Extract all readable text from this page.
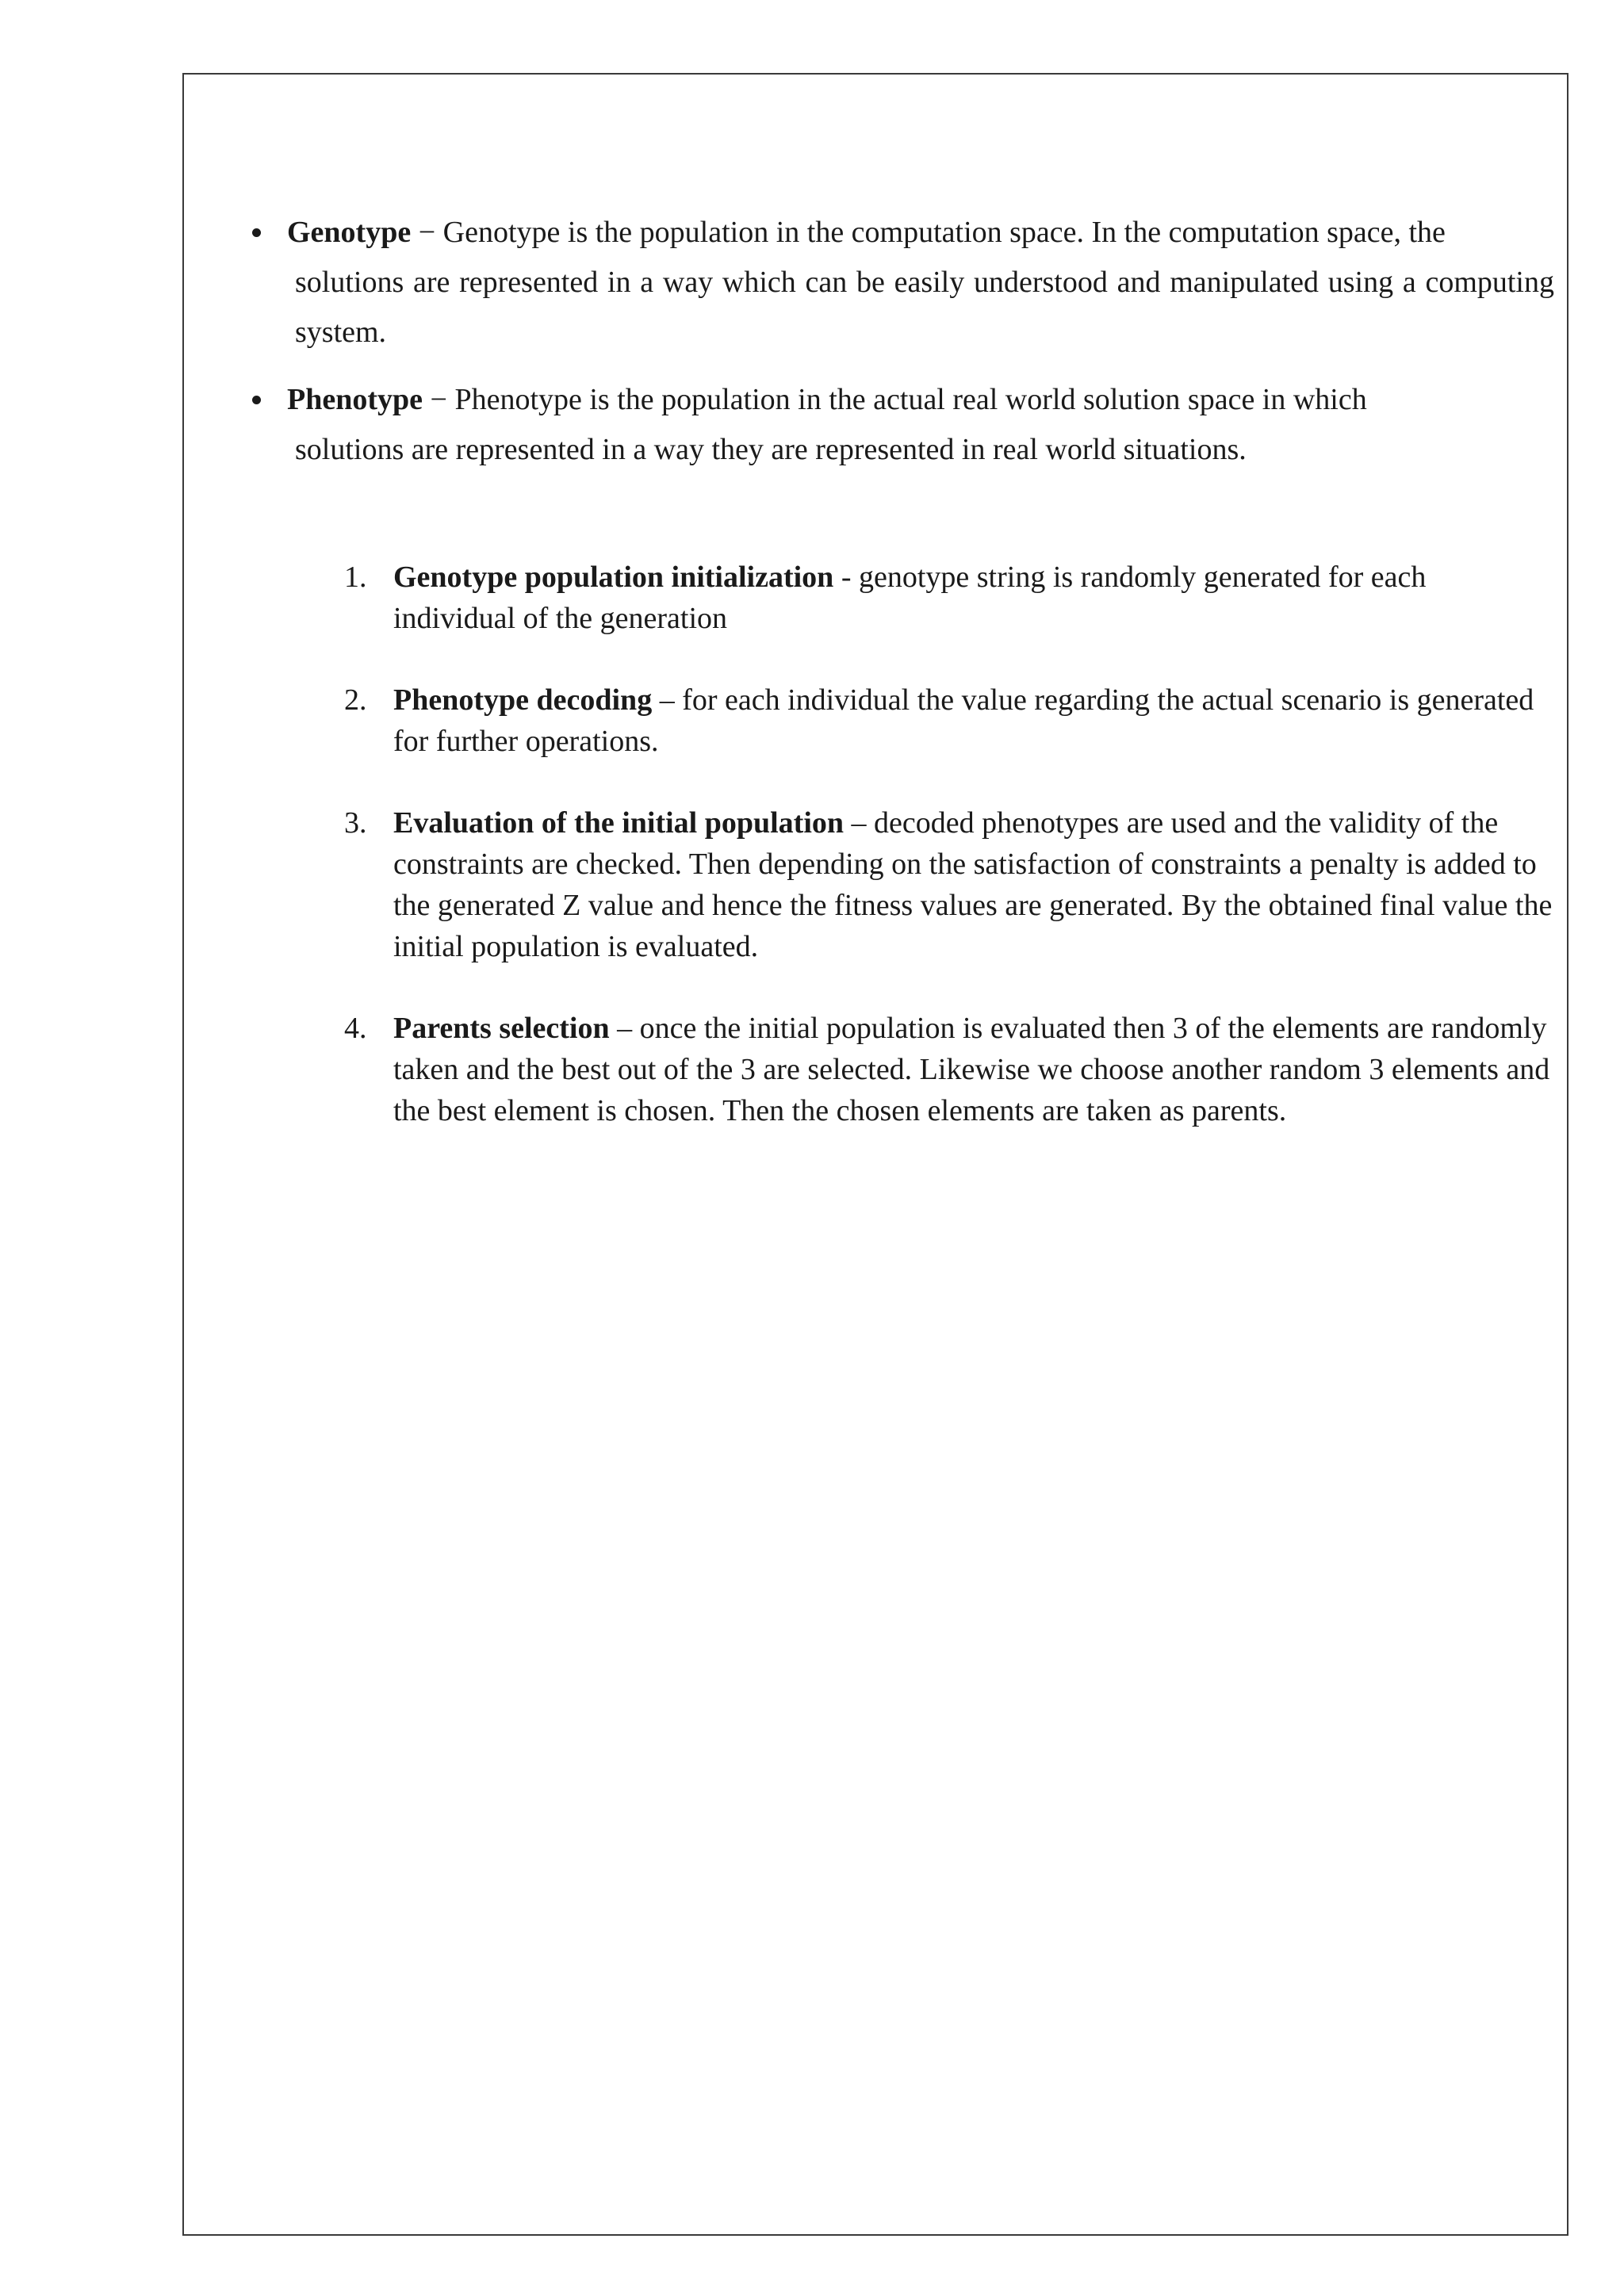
Genotype − Genotype is the population in the computation space. In the computation space, the
solutions are represented in a way which can be easily understood and manipulated using a computing system.
Phenotype − Phenotype is the population in the actual real world solution space in which
solutions are represented in a way they are represented in real world situations.
1. Genotype population initialization - genotype string is randomly generated for each individual of the generation
2. Phenotype decoding – for each individual the value regarding the actual scenario is generated for further operations.
3. Evaluation of the initial population – decoded phenotypes are used and the validity of the constraints are checked. Then depending on the satisfaction of constraints a penalty is added to the generated Z value and hence the fitness values are generated. By the obtained final value the initial population is evaluated.
4. Parents selection – once the initial population is evaluated then 3 of the elements are randomly taken and the best out of the 3 are selected. Likewise we choose another random 3 elements and the best element is chosen. Then the chosen elements are taken as parents.
